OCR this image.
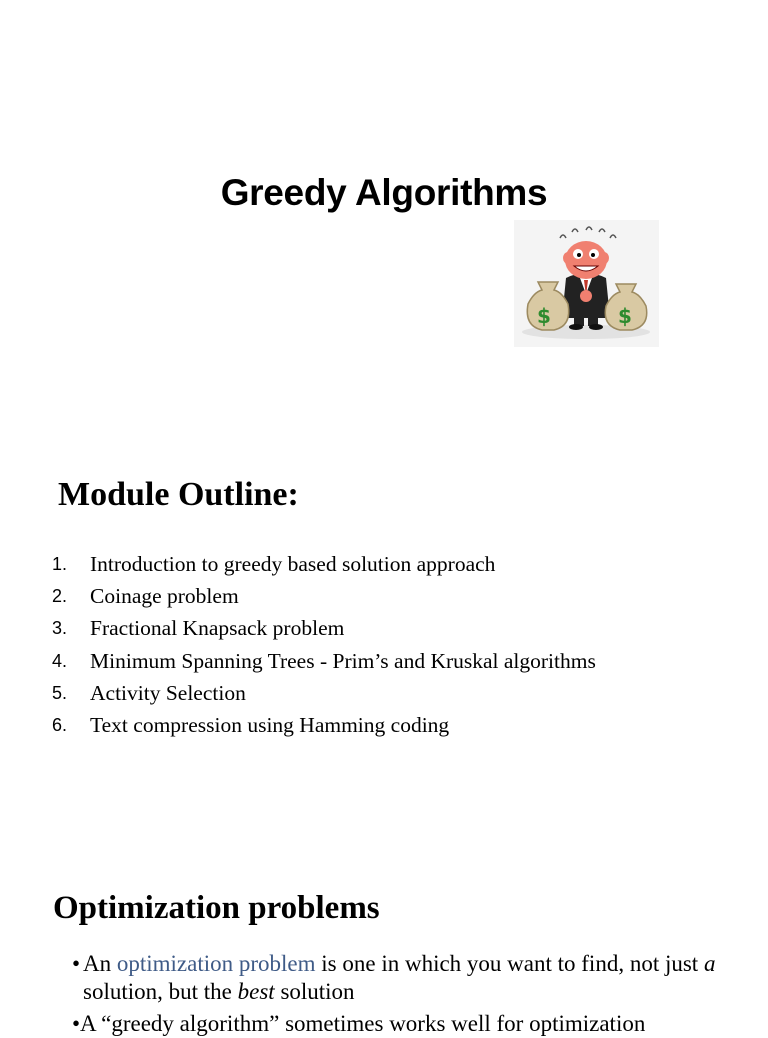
Greedy Algorithms
$	$
Module Outline:
1.	Introduction to greedy based solution approach
2.	Coinage problem
3.	Fractional Knapsack problem
4.	Minimum Spanning Trees - Prim’s and Kruskal algorithms
5.	Activity Selection
6.	Text compression using Hamming coding
Optimization problems
• An optimization problem is one in which you want to find, not just a solution, but the best solution
•A “greedy algorithm” sometimes works well for optimization
